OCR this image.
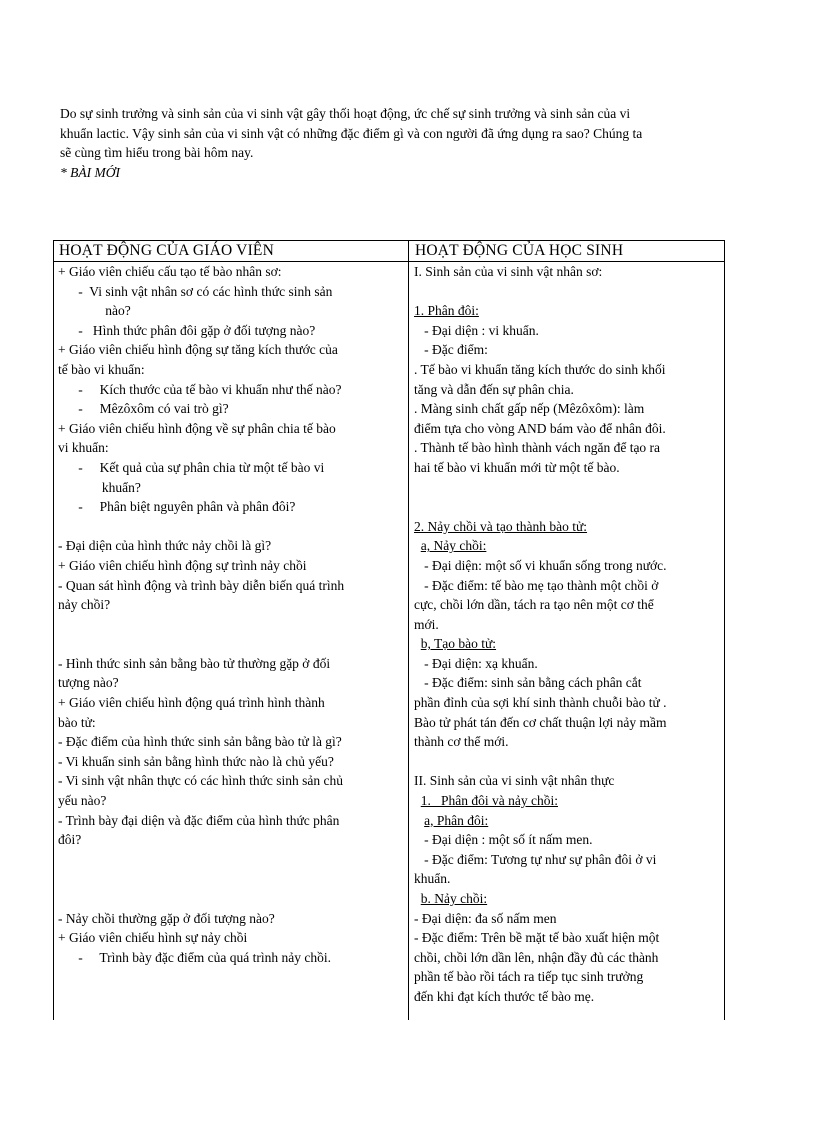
Do sự sinh trưởng và sinh sản của vi sinh vật gây thối hoạt động, ức chế sự sinh trưởng và sinh sản của vi

khuẩn lactic. Vậy sinh sản của vi sinh vật có những đặc điểm gì và con người đã ứng dụng ra sao? Chúng ta

sẽ cùng tìm hiểu trong bài hôm nay.

* BÀI MỚI

HOẠT ĐỘNG CỦA GIÁO VIÊN	HOẠT ĐỘNG CỦA HỌC SINH
+ Giáo viên chiếu cấu tạo tế bào nhân sơ:
-  Vi sinh vật nhân sơ có các hình thức sinh sản
nào?
-   Hình thức phân đôi gặp ở đối tượng nào?
+ Giáo viên chiếu hình động sự tăng kích thước của
tế bào vi khuẩn:
-     Kích thước của tế bào vi khuẩn như thế nào?
-     Mêzôxôm có vai trò gì?
+ Giáo viên chiếu hình động về sự phân chia tế bào
vi khuẩn:
-     Kết quả của sự phân chia từ một tế bào vi
khuẩn?
-     Phân biệt nguyên phân và phân đôi?
- Đại diện của hình thức nảy chồi là gì?
+ Giáo viên chiếu hình động sự trình nảy chồi
- Quan sát hình động và trình bày diễn biến quá trình
nảy chồi?
- Hình thức sinh sản bằng bào tử thường gặp ở đối
tượng nào?
+ Giáo viên chiếu hình động quá trình hình thành
bào tử:
- Đặc điểm của hình thức sinh sản bằng bào tử là gì?
- Vi khuẩn sinh sản bằng hình thức nào là chủ yếu?
- Vi sinh vật nhân thực có các hình thức sinh sản chủ
yếu nào?
- Trình bày đại diện và đặc điểm của hình thức phân
đôi?
- Nảy chồi thường gặp ở đối tượng nào?
+ Giáo viên chiếu hình sự nảy chồi
-     Trình bày đặc điểm của quá trình nảy chồi.
I. Sinh sản của vi sinh vật nhân sơ:
1. Phân đôi:
- Đại diện : vi khuẩn.
- Đặc điểm:
. Tế bào vi khuẩn tăng kích thước do sinh khối
tăng và dẫn đến sự phân chia.
. Màng sinh chất gấp nếp (Mêzôxôm): làm
điểm tựa cho vòng AND bám vào để nhân đôi.
. Thành tế bào hình thành vách ngăn để tạo ra
hai tế bào vi khuẩn mới từ một tế bào.
2. Nảy chồi và tạo thành bào tử:
a, Nảy chồi:
- Đại diện: một số vi khuẩn sống trong nước.
- Đặc điểm: tế bào mẹ tạo thành một chồi ở
cực, chồi lớn dần, tách ra tạo nên một cơ thể
mới.
b, Tạo bào tử:
- Đại diện: xạ khuẩn.
- Đặc điểm: sinh sản bằng cách phân cắt
phần đỉnh của sợi khí sinh thành chuỗi bào tử .
Bào tử phát tán đến cơ chất thuận lợi nảy mầm
thành cơ thể mới.
II. Sinh sản của vi sinh vật nhân thực
1.   Phân đôi và nảy chồi:
a, Phân đôi:
- Đại diện : một số ít nấm men.
- Đặc điểm: Tương tự như sự phân đôi ở vi
khuẩn.
b. Nảy chồi:
- Đại diện: đa số nấm men
- Đặc điểm: Trên bề mặt tế bào xuất hiện một
chồi, chồi lớn dần lên, nhận đầy đủ các thành
phần tế bào rồi tách ra tiếp tục sinh trưởng
đến khi đạt kích thước tế bào mẹ.
